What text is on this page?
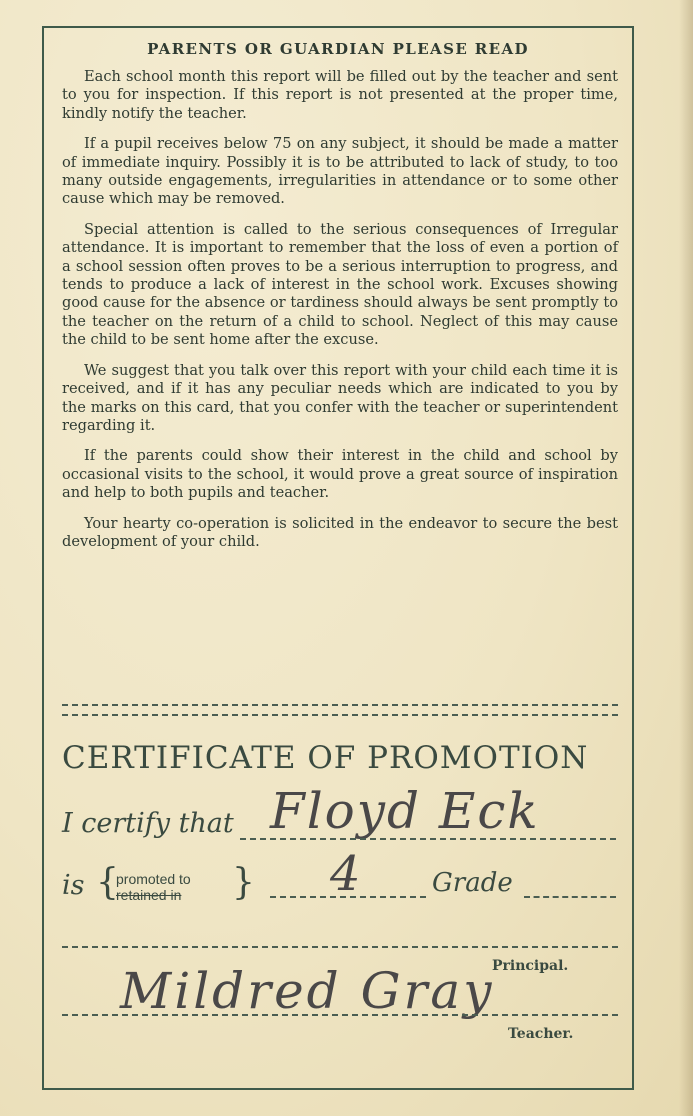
PARENTS OR GUARDIAN PLEASE READ

Each school month this report will be filled out by the teacher and sent to you for inspection. If this report is not presented at the proper time, kindly notify the teacher.

If a pupil receives below 75 on any subject, it should be made a matter of immediate inquiry. Possibly it is to be attributed to lack of study, to too many outside engagements, irregularities in attendance or to some other cause which may be removed.

Special attention is called to the serious consequences of Irregular attendance. It is important to remember that the loss of even a portion of a school session often proves to be a serious interruption to progress, and tends to produce a lack of interest in the school work. Excuses showing good cause for the absence or tardiness should always be sent promptly to the teacher on the return of a child to school. Neglect of this may cause the child to be sent home after the excuse.

We suggest that you talk over this report with your child each time it is received, and if it has any peculiar needs which are indicated to you by the marks on this card, that you confer with the teacher or superintendent regarding it.

If the parents could show their interest in the child and school by occasional visits to the school, it would prove a great source of inspiration and help to both pupils and teacher.

Your hearty co-operation is solicited in the endeavor to secure the best development of your child.

CERTIFICATE OF PROMOTION
I certify that Floyd Eck
is {
promoted to
retained in } 4	Grade
Principal.
Mildred Gray
Teacher.
